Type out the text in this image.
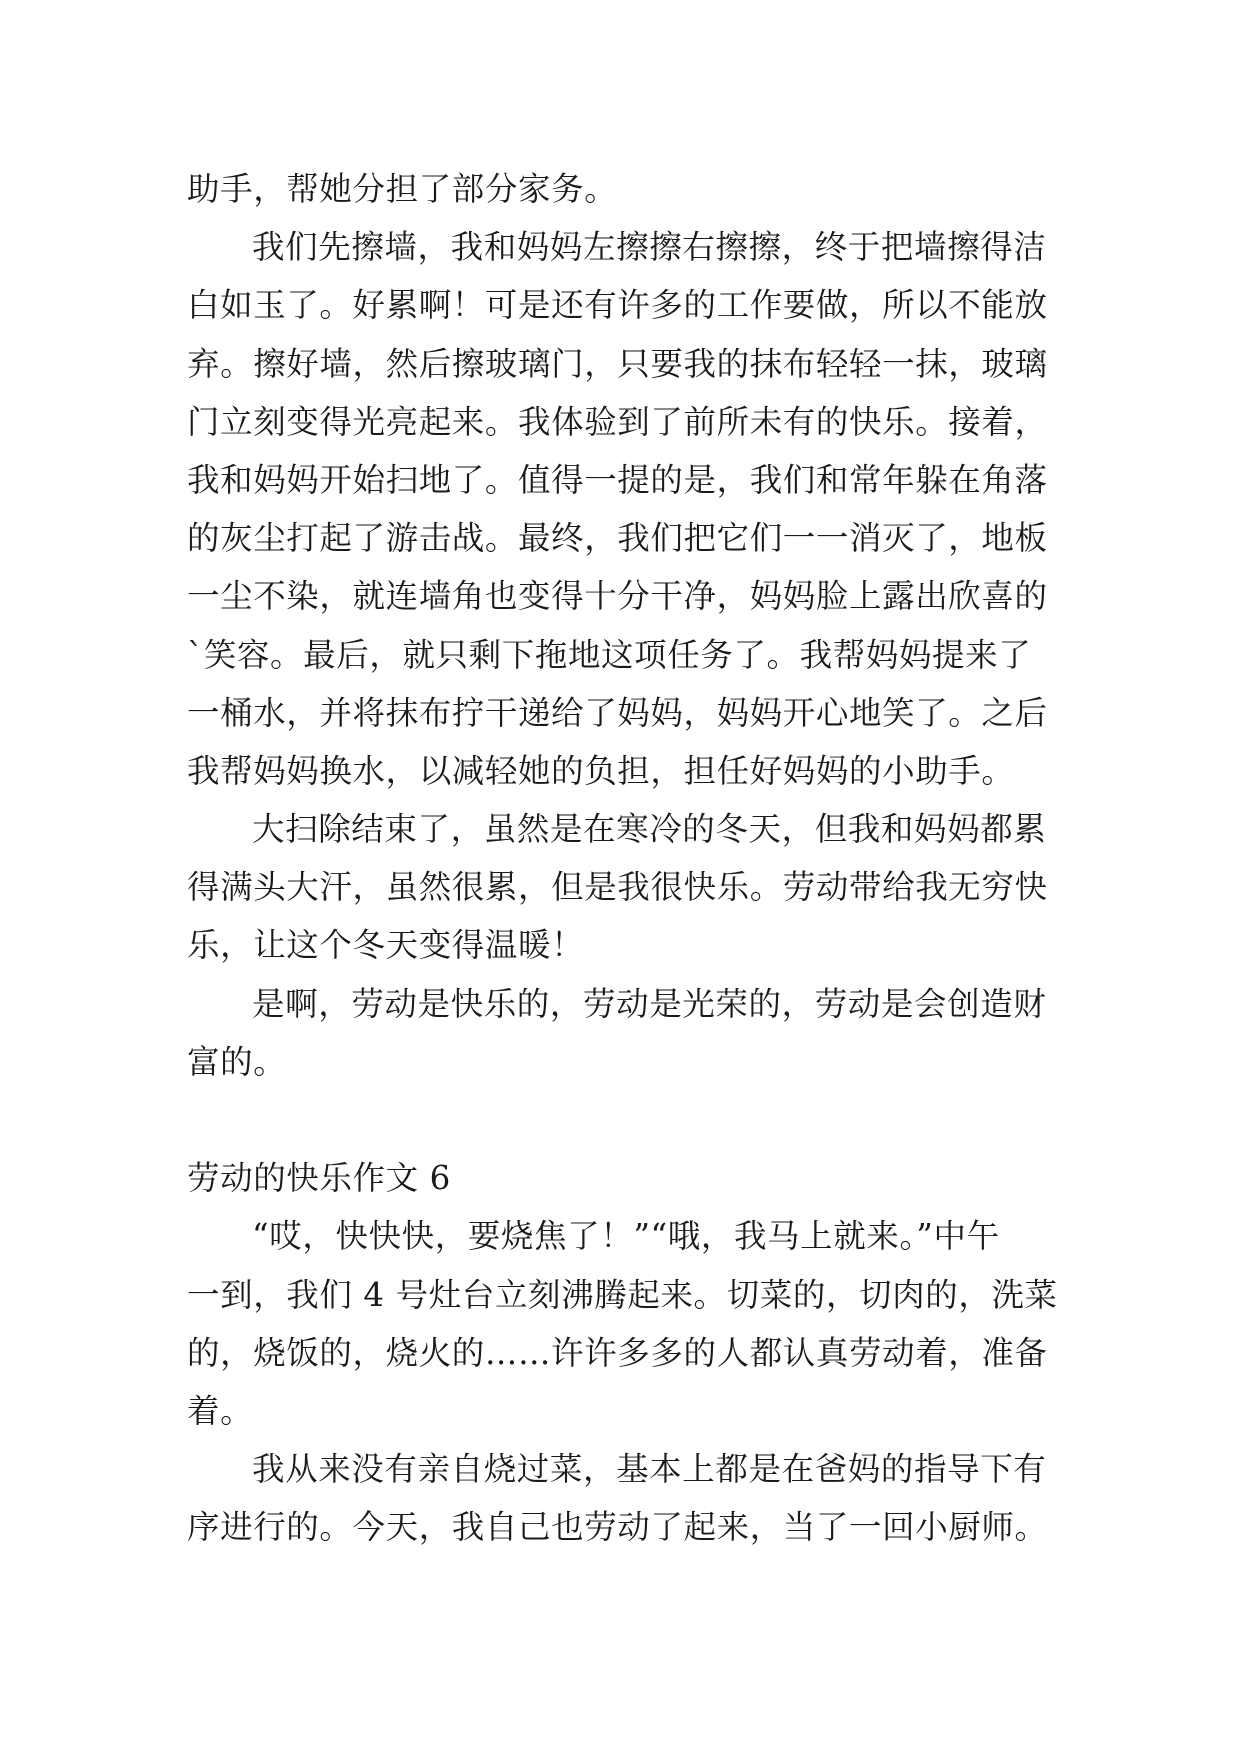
助手，帮她分担了部分家务。
我们先擦墙，我和妈妈左擦擦右擦擦，终于把墙擦得洁
白如玉了。好累啊！可是还有许多的工作要做，所以不能放
弃。擦好墙，然后擦玻璃门，只要我的抹布轻轻一抹，玻璃
门立刻变得光亮起来。我体验到了前所未有的快乐。接着，
我和妈妈开始扫地了。值得一提的是，我们和常年躲在角落
的灰尘打起了游击战。最终，我们把它们一一消灭了，地板
一尘不染，就连墙角也变得十分干净，妈妈脸上露出欣喜的
`笑容。最后，就只剩下拖地这项任务了。我帮妈妈提来了
一桶水，并将抹布拧干递给了妈妈，妈妈开心地笑了。之后
我帮妈妈换水，以减轻她的负担，担任好妈妈的小助手。
大扫除结束了，虽然是在寒冷的冬天，但我和妈妈都累
得满头大汗，虽然很累，但是我很快乐。劳动带给我无穷快
乐，让这个冬天变得温暖！
是啊，劳动是快乐的，劳动是光荣的，劳动是会创造财
富的。
劳动的快乐作文 6
“哎，快快快，要烧焦了！”“哦，我马上就来。”中午
一到，我们 4 号灶台立刻沸腾起来。切菜的，切肉的，洗菜
的，烧饭的，烧火的……许许多多的人都认真劳动着，准备
着。
我从来没有亲自烧过菜，基本上都是在爸妈的指导下有
序进行的。今天，我自己也劳动了起来，当了一回小厨师。
